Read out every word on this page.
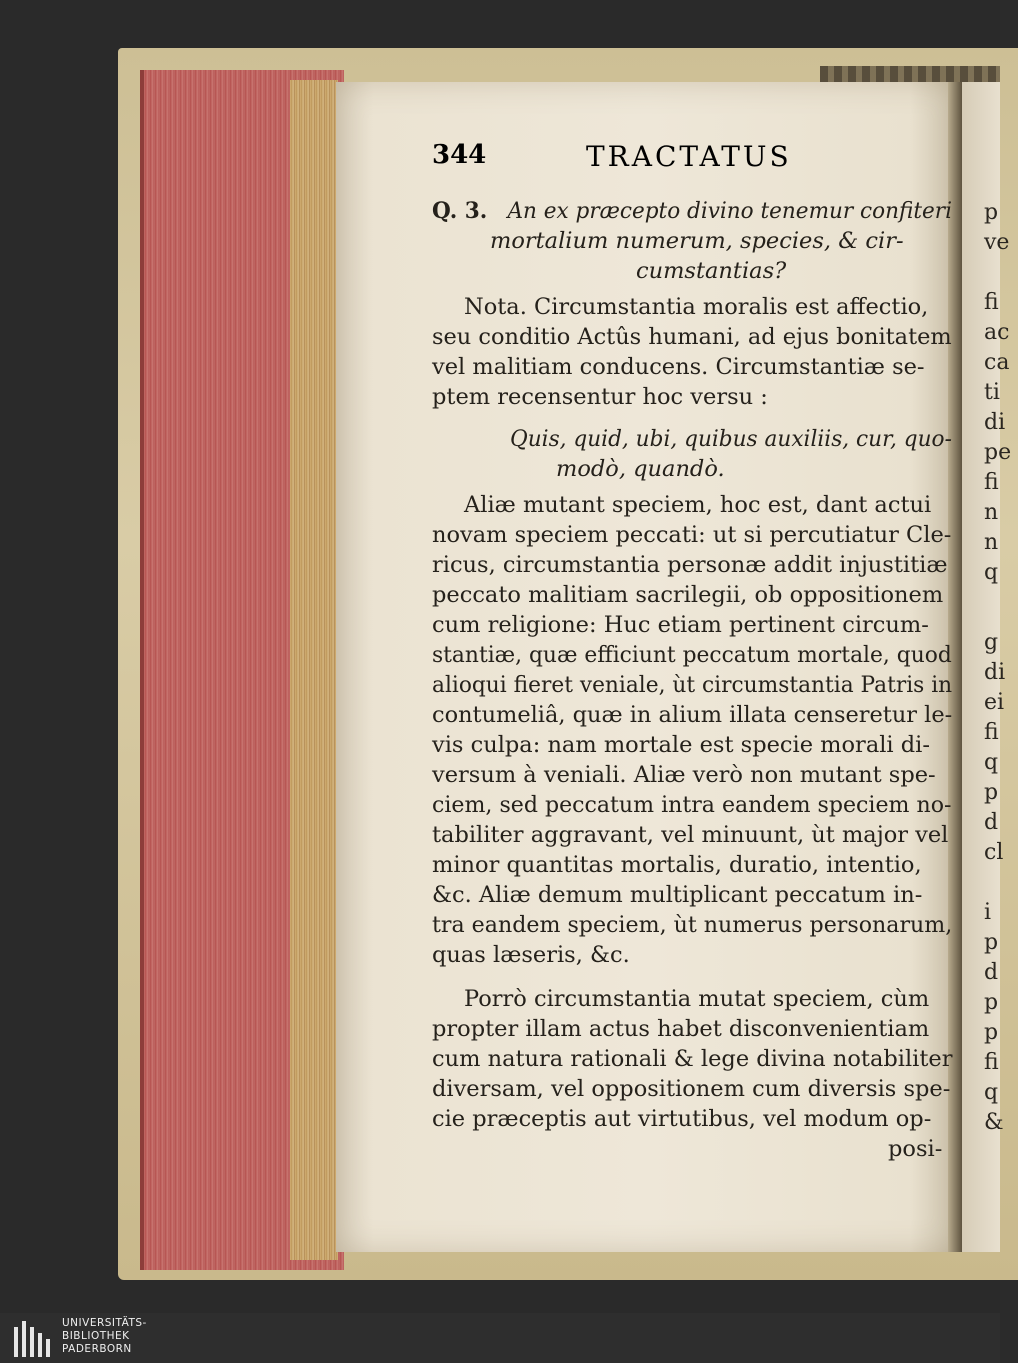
p
ve
fi
ac
ca
ti
di
pe
fi
n
n
q
g
di
ei
fi
q
p
d
cl
i
p
d
p
p
fi
q
&
344	TRACTATUS
Q. 3. An ex præcepto divino tenemur confiteri
mortalium numerum, species, & cir-
cumstantias?
Nota. Circumstantia moralis est affectio,
seu conditio Actûs humani, ad ejus bonitatem
vel malitiam conducens. Circumstantiæ se-
ptem recensentur hoc versu :
Quis, quid, ubi, quibus auxiliis, cur, quo-
modò, quandò.
Aliæ mutant speciem, hoc est, dant actui
novam speciem peccati: ut si percutiatur Cle-
ricus, circumstantia personæ addit injustitiæ
peccato malitiam sacrilegii, ob oppositionem
cum religione: Huc etiam pertinent circum-
stantiæ, quæ efficiunt peccatum mortale, quod
alioqui fieret veniale, ùt circumstantia Patris in
contumeliâ, quæ in alium illata censeretur le-
vis culpa: nam mortale est specie morali di-
versum à veniali. Aliæ verò non mutant spe-
ciem, sed peccatum intra eandem speciem no-
tabiliter aggravant, vel minuunt, ùt major vel
minor quantitas mortalis, duratio, intentio,
&c. Aliæ demum multiplicant peccatum in-
tra eandem speciem, ùt numerus personarum,
quas læseris, &c.
Porrò circumstantia mutat speciem, cùm
propter illam actus habet disconvenientiam
cum natura rationali & lege divina notabiliter
diversam, vel oppositionem cum diversis spe-
cie præceptis aut virtutibus, vel modum op-
posi-
UNIVERSITÄTS-
BIBLIOTHEK
PADERBORN
